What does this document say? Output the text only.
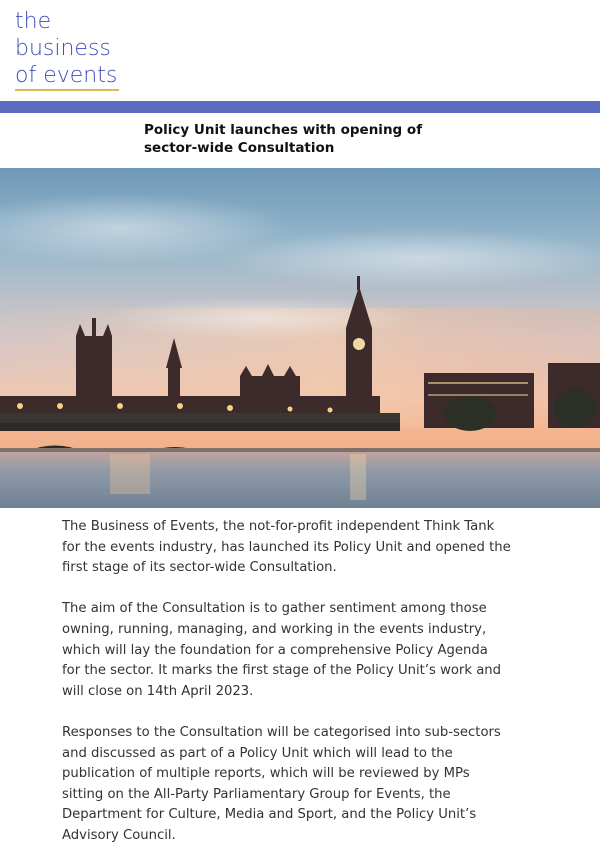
the
business
of events
Policy Unit launches with opening of
sector-wide Consultation

The Business of Events, the not-for-profit independent Think Tank
for the events industry, has launched its Policy Unit and opened the
first stage of its sector-wide Consultation.

The aim of the Consultation is to gather sentiment among those
owning, running, managing, and working in the events industry,
which will lay the foundation for a comprehensive Policy Agenda
for the sector. It marks the first stage of the Policy Unit’s work and
will close on 14th April 2023.

Responses to the Consultation will be categorised into sub-sectors
and discussed as part of a Policy Unit which will lead to the
publication of multiple reports, which will be reviewed by MPs
sitting on the All-Party Parliamentary Group for Events, the
Department for Culture, Media and Sport, and the Policy Unit’s
Advisory Council.
